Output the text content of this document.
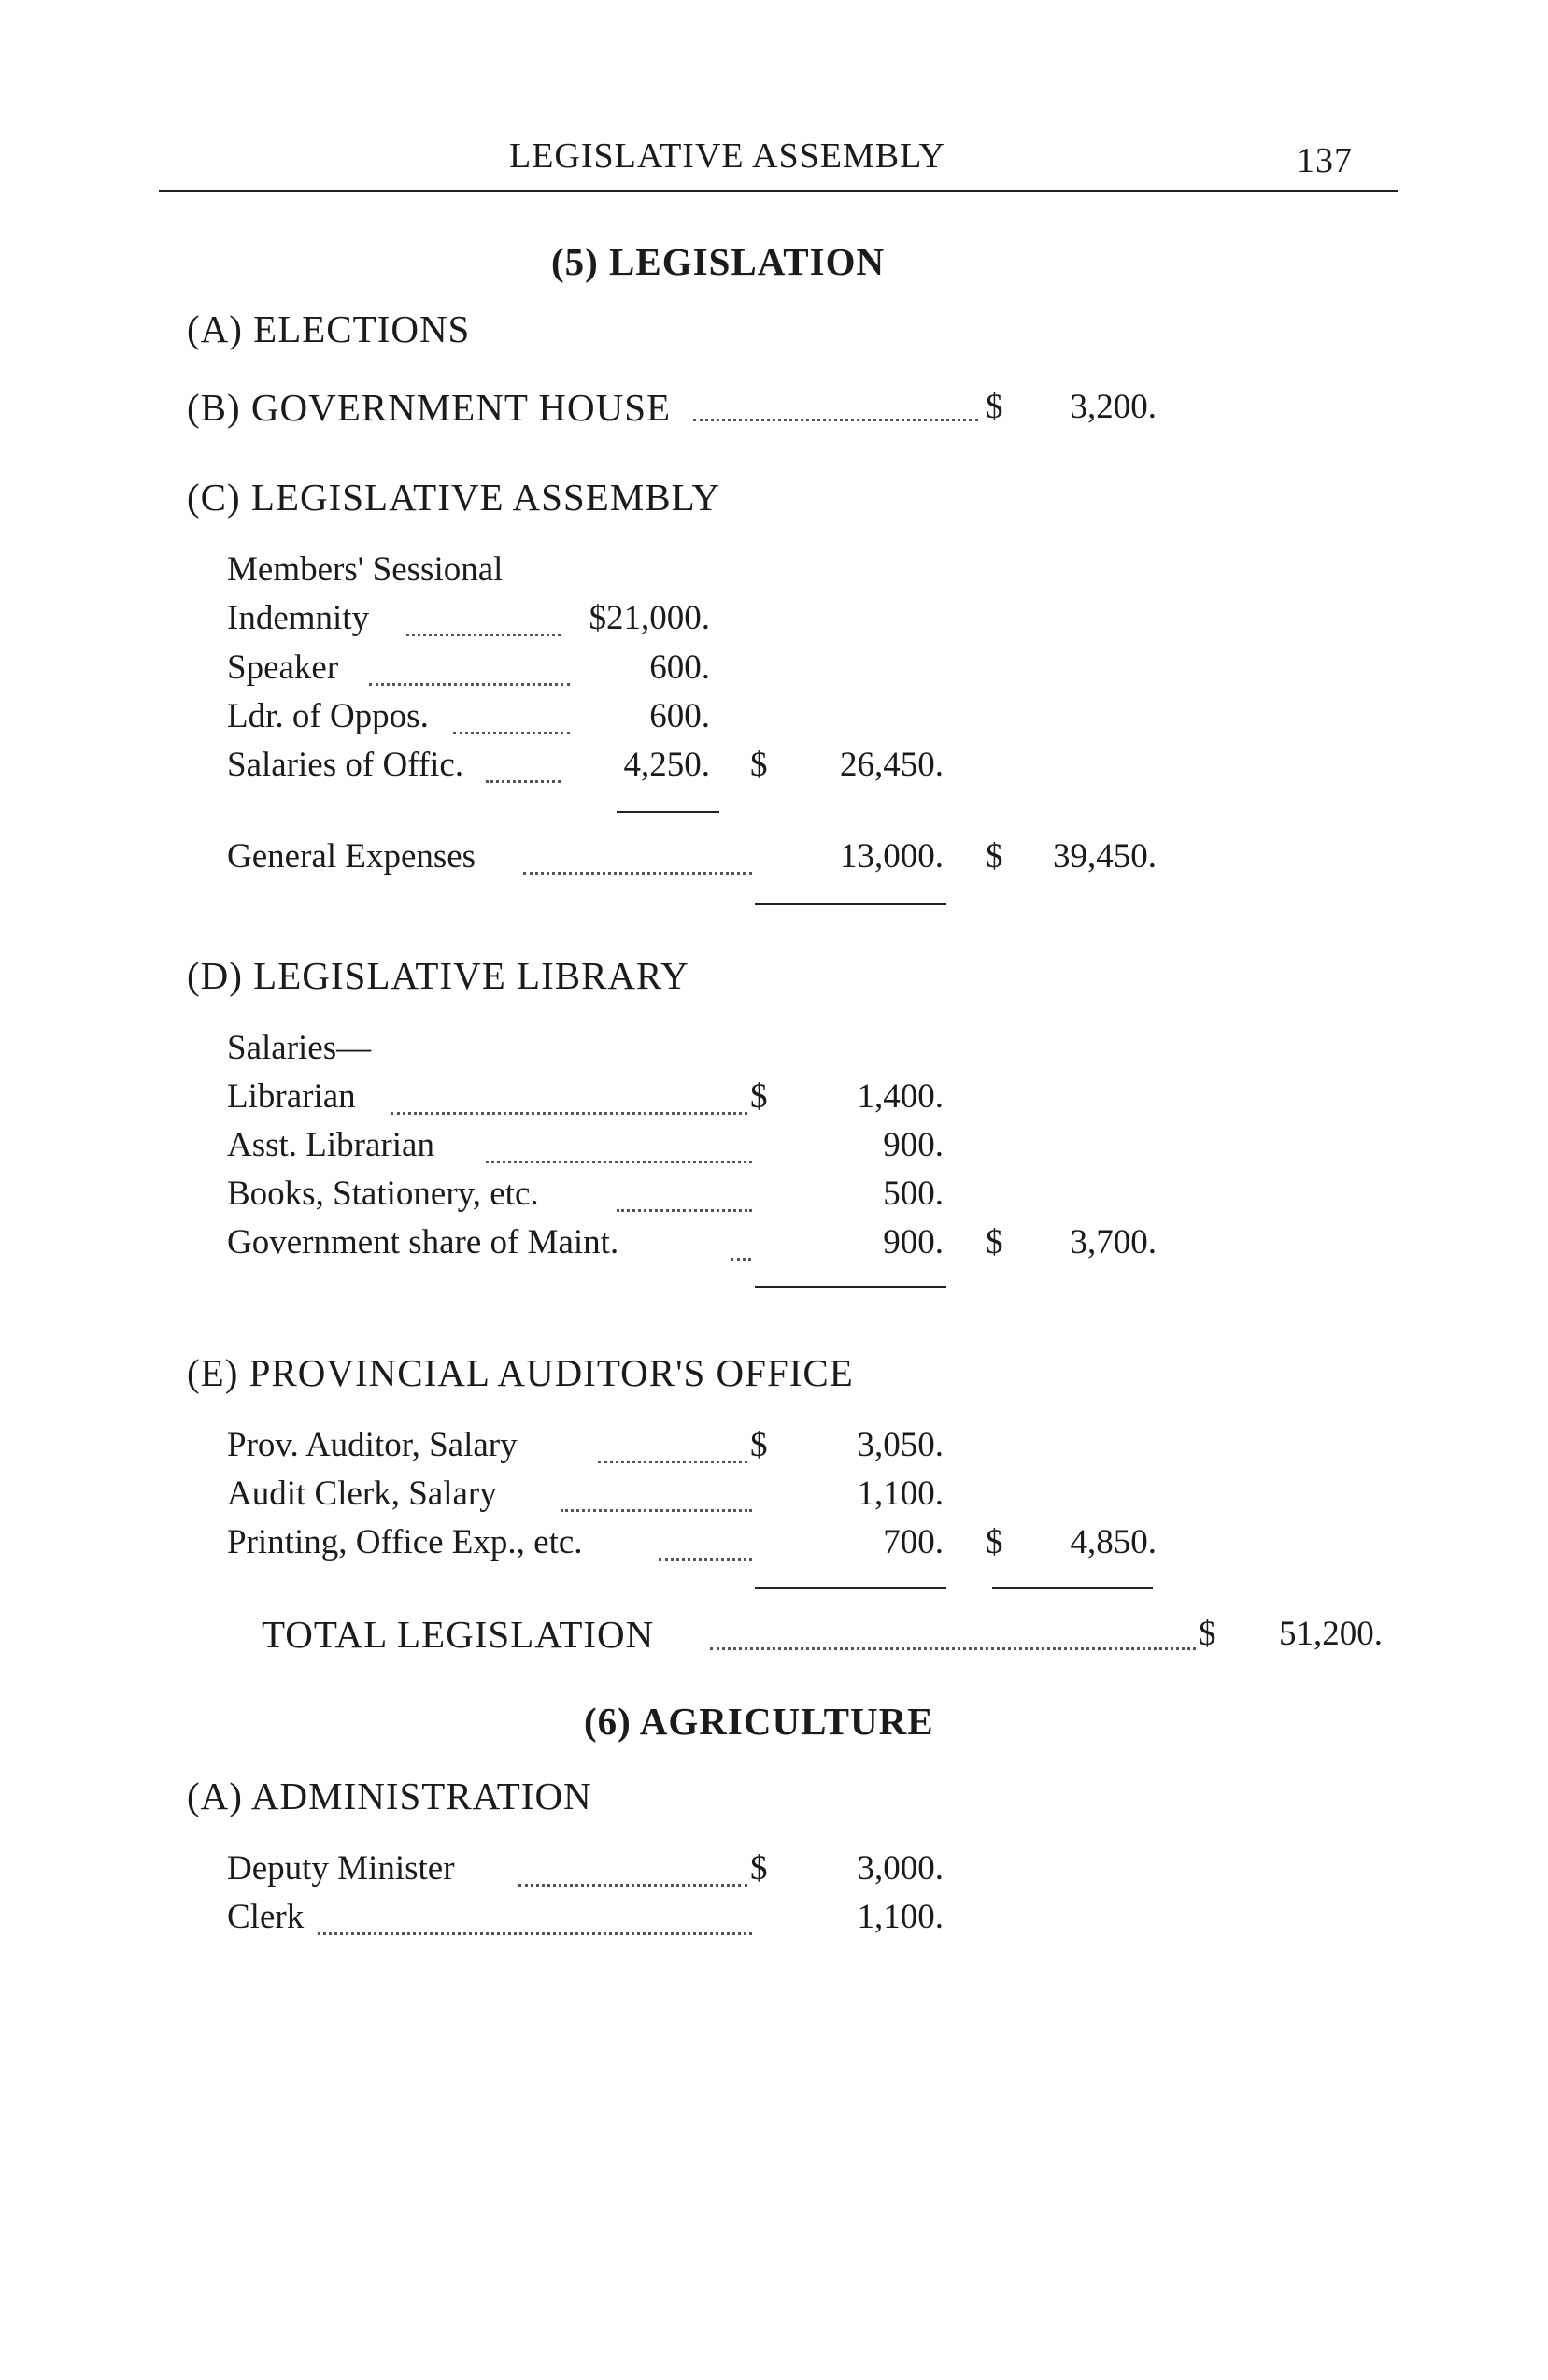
LEGISLATIVE ASSEMBLY	137
(5) LEGISLATION
(A) ELECTIONS
(B) GOVERNMENT HOUSE	$	3,200.
(C) LEGISLATIVE ASSEMBLY
Members' Sessional
Indemnity	$21,000.
Speaker	600.
Ldr. of Oppos.	600.
Salaries of Offic.	4,250. $	26,450.
General Expenses	13,000. $	39,450.
(D) LEGISLATIVE LIBRARY
Salaries—
Librarian	$	1,400.
Asst. Librarian	900.
Books, Stationery, etc.	500.
Government share of Maint.	900. $	3,700.
(E) PROVINCIAL AUDITOR'S OFFICE
Prov. Auditor, Salary	$	3,050.
Audit Clerk, Salary	1,100.
Printing, Office Exp., etc.	700. $	4,850.
TOTAL LEGISLATION	$	51,200.
(6) AGRICULTURE
(A) ADMINISTRATION
Deputy Minister	$	3,000.
Clerk	1,100.
